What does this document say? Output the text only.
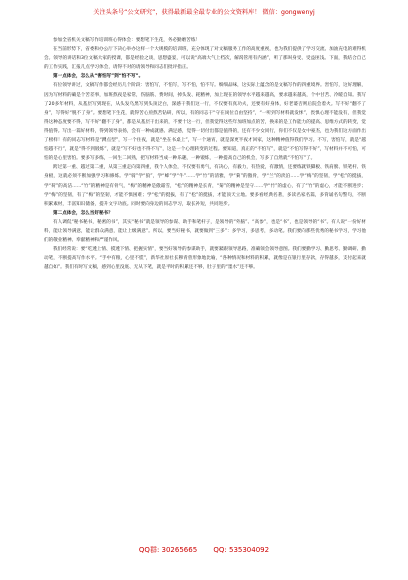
关注头条号“公文研究”，获得最新最全最专业的公文资料库！ 微信：gongwenyj

参加全省机关文稿写作培训班心得体会：要想笔下生花，务必勤磨苦练！

在当前形势下，省委和办公厅下决心举办这样一个大规模的培训班，充分体现了对文稿服务工作的高度重视，也为我们提供了学习交流、加油充电的难得机会。领导的讲话和3位文稿大家的授课，都是经验之谈，思想盛宴，可以说“高端大气上档次，解渴管用有内涵”，听了那叫身受、受益匪浅。下面，我结合自己的工作实践，汇报几点学习体会，请得不对的请领导和同志们批评指正。

第一点体会，怎么从“害怕写”到“怕不写”。

有位领导讲过，文稿写作都会经历几个阶段：害怕写，不怕写，写不怕，怕不写。细细品味，这实际上蕴含的是文稿写作的四重境界。害怕写，这好理解，因为写材料的确是个苦差事，加班熬夜是家常，伤脑筋、费时间，掉头发、耗精神，加上现在的领导水平越来越高，要求越来越高，个中甘苦、冷暖自知。我写了20多年材料，从基层写到现在，从头发乌黑写到头顶泛白，深感干我们这一行，不仅要有真功夫，还要有好身体，好老婆否则后院会着火。写不好“翻不了身”，写得好“脱不了身”。要想笔下生花，就得苦心煎熬苦钻研，所以，有的同志干“守在岗位自由坚持”，“一听到写材料就发怵”，畏惧心理不能没有，但我觉得这种态度要不得，写不好“翻不了身”，都是从基层干出来的，不要十这一行，但我觉得这些年加班加点的苦，换来的是工作能力的提高、思维方式的转变，觉得值得。写出一篇好材料，得到领导表扬，会有一种成就感、满足感，觉得一切付出都是值得的，还有不少女同行，你们不仅是女中豪杰，也为我们这方面作出了榜样！有的同志写材料是“蹲点型”，写一个住夜，就是“坐在书桌上”，写一个通宵，就是深更半夜才回家，这种精神值得我们学习。不写，害怕写，就是“越怕越不行”，就是“得不到锻炼”，就是“写不好也不得不写”，这是一个心理转变的过程。要知道，真正的“不怕写”，就是“不怕写得不好”，写材料并不可怕，可怕的是心里害怕。要多写多练，一回生二回熟，把写材料当成一种乐趣，一种锻炼，一种提高自己的机会，写多了自然就“不怕写”了。

跨过第一重、越过第二重，从第三重走向第四重，我个人体会，不仅要有勇气，有决心，有毅力，有热爱，有激情，还要练就铁脚板、铁肩膀、铁笔杆、铁身板，这就必须不断加强学习和修炼。学“骑”学“狼”，学“蜂”学“牛”……学“竹”的清雅，学“菊”的傲骨，学“兰”的淡泊……学“梅”的坚韧，学“松”的挺拔，学“荷”的高洁……“竹”的精神是有骨气，“梅”的精神是傲霜雪，“松”的精神是长青，“菊”的精神是坚守……学“竹”的虚心，有了“竹”的虚心，才能不断进步；学“梅”的坚韧，有了“梅”的坚韧，才能不惧困难；学“松”的挺拔，有了“松”的挺拔，才能顶天立地。要多看经典名著，多读名家名篇，多背诵名句警句，不断积累素材，丰富知识储备，提升文字功底。同时要向身边的同志学习，取长补短，共同进步。

第二点体会，怎么当好秘书？

有人调侃“秘书秘书，秘密的书”，其实“秘书”就是领导的参谋、助手和笔杆子，是领导的“外脑”、“高参”，也是“书”，也是领导的“书”。有人说“一份好材料，能让领导满意，能让群众满意，能让上级满意”。所以，要当好秘书，就要做到“三多”：多学习，多思考，多动笔。我们要向那些优秀的秘书学习，学习他们的敬业精神、奉献精神和严谨作风。

我们经常说：要“吃透上情、摸透下情、把握实情”，要当好领导的参谋助手，就要紧跟领导思路，准确领会领导意图。我们要勤学习、勤思考、勤调研、勤动笔，不断提高写作水平。“手中有粮，心里不慌”，新华社原社长穆青曾形象地比喻，“各种情况和材料的积累，就像是在银行里存款，存得越多，支付起来就越自如”。我们有时写文稿，感到心里没底、无从下笔，就是平时的积累还不够，肚子里的“墨水”还不够。

QQ群: 30265665 QQ: 535304092
